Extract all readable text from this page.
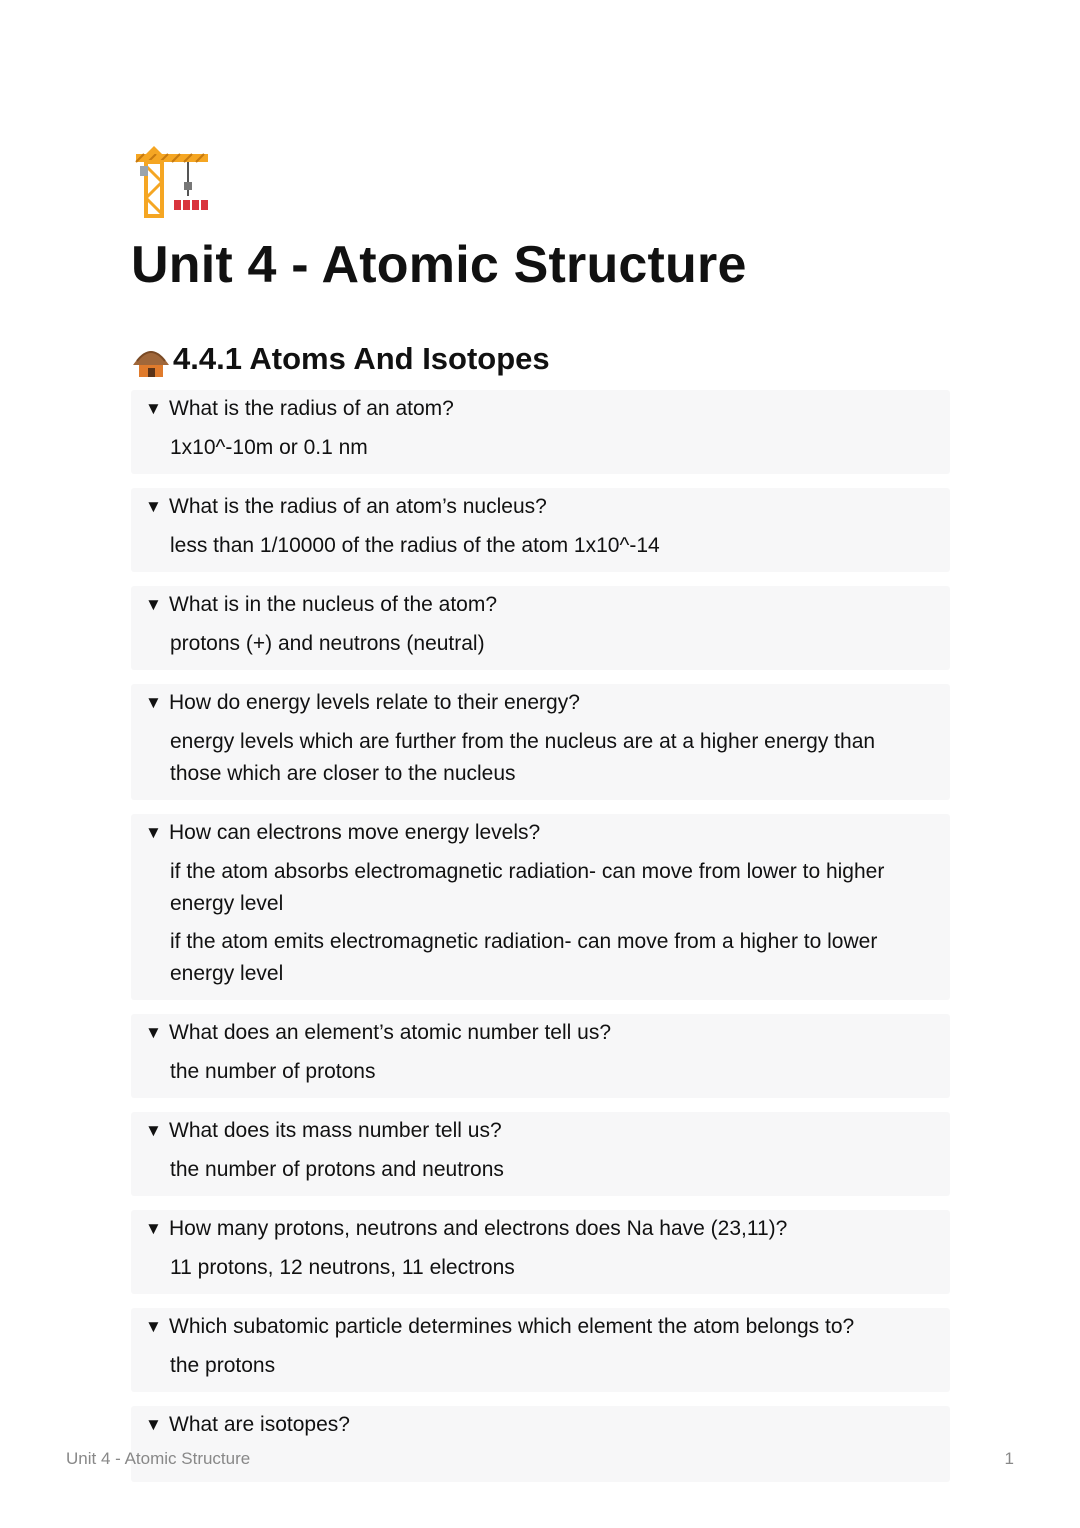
Unit 4 - Atomic Structure
4.4.1 Atoms And Isotopes
▼ What is the radius of an atom?

1x10^-10m or 0.1 nm

▼ What is the radius of an atom’s nucleus?

less than 1/10000 of the radius of the atom 1x10^-14

▼ What is in the nucleus of the atom?

protons (+) and neutrons (neutral)

▼ How do energy levels relate to their energy?

energy levels which are further from the nucleus are at a higher energy than those which are closer to the nucleus

▼ How can electrons move energy levels?

if the atom absorbs electromagnetic radiation- can move from lower to higher energy level

if the atom emits electromagnetic radiation- can move from a higher to lower energy level

▼ What does an element’s atomic number tell us?

the number of protons

▼ What does its mass number tell us?

the number of protons and neutrons

▼ How many protons, neutrons and electrons does Na have (23,11)?

11 protons, 12 neutrons, 11 electrons

▼ Which subatomic particle determines which element the atom belongs to?

the protons

▼ What are isotopes?
Unit 4 - Atomic Structure	1
